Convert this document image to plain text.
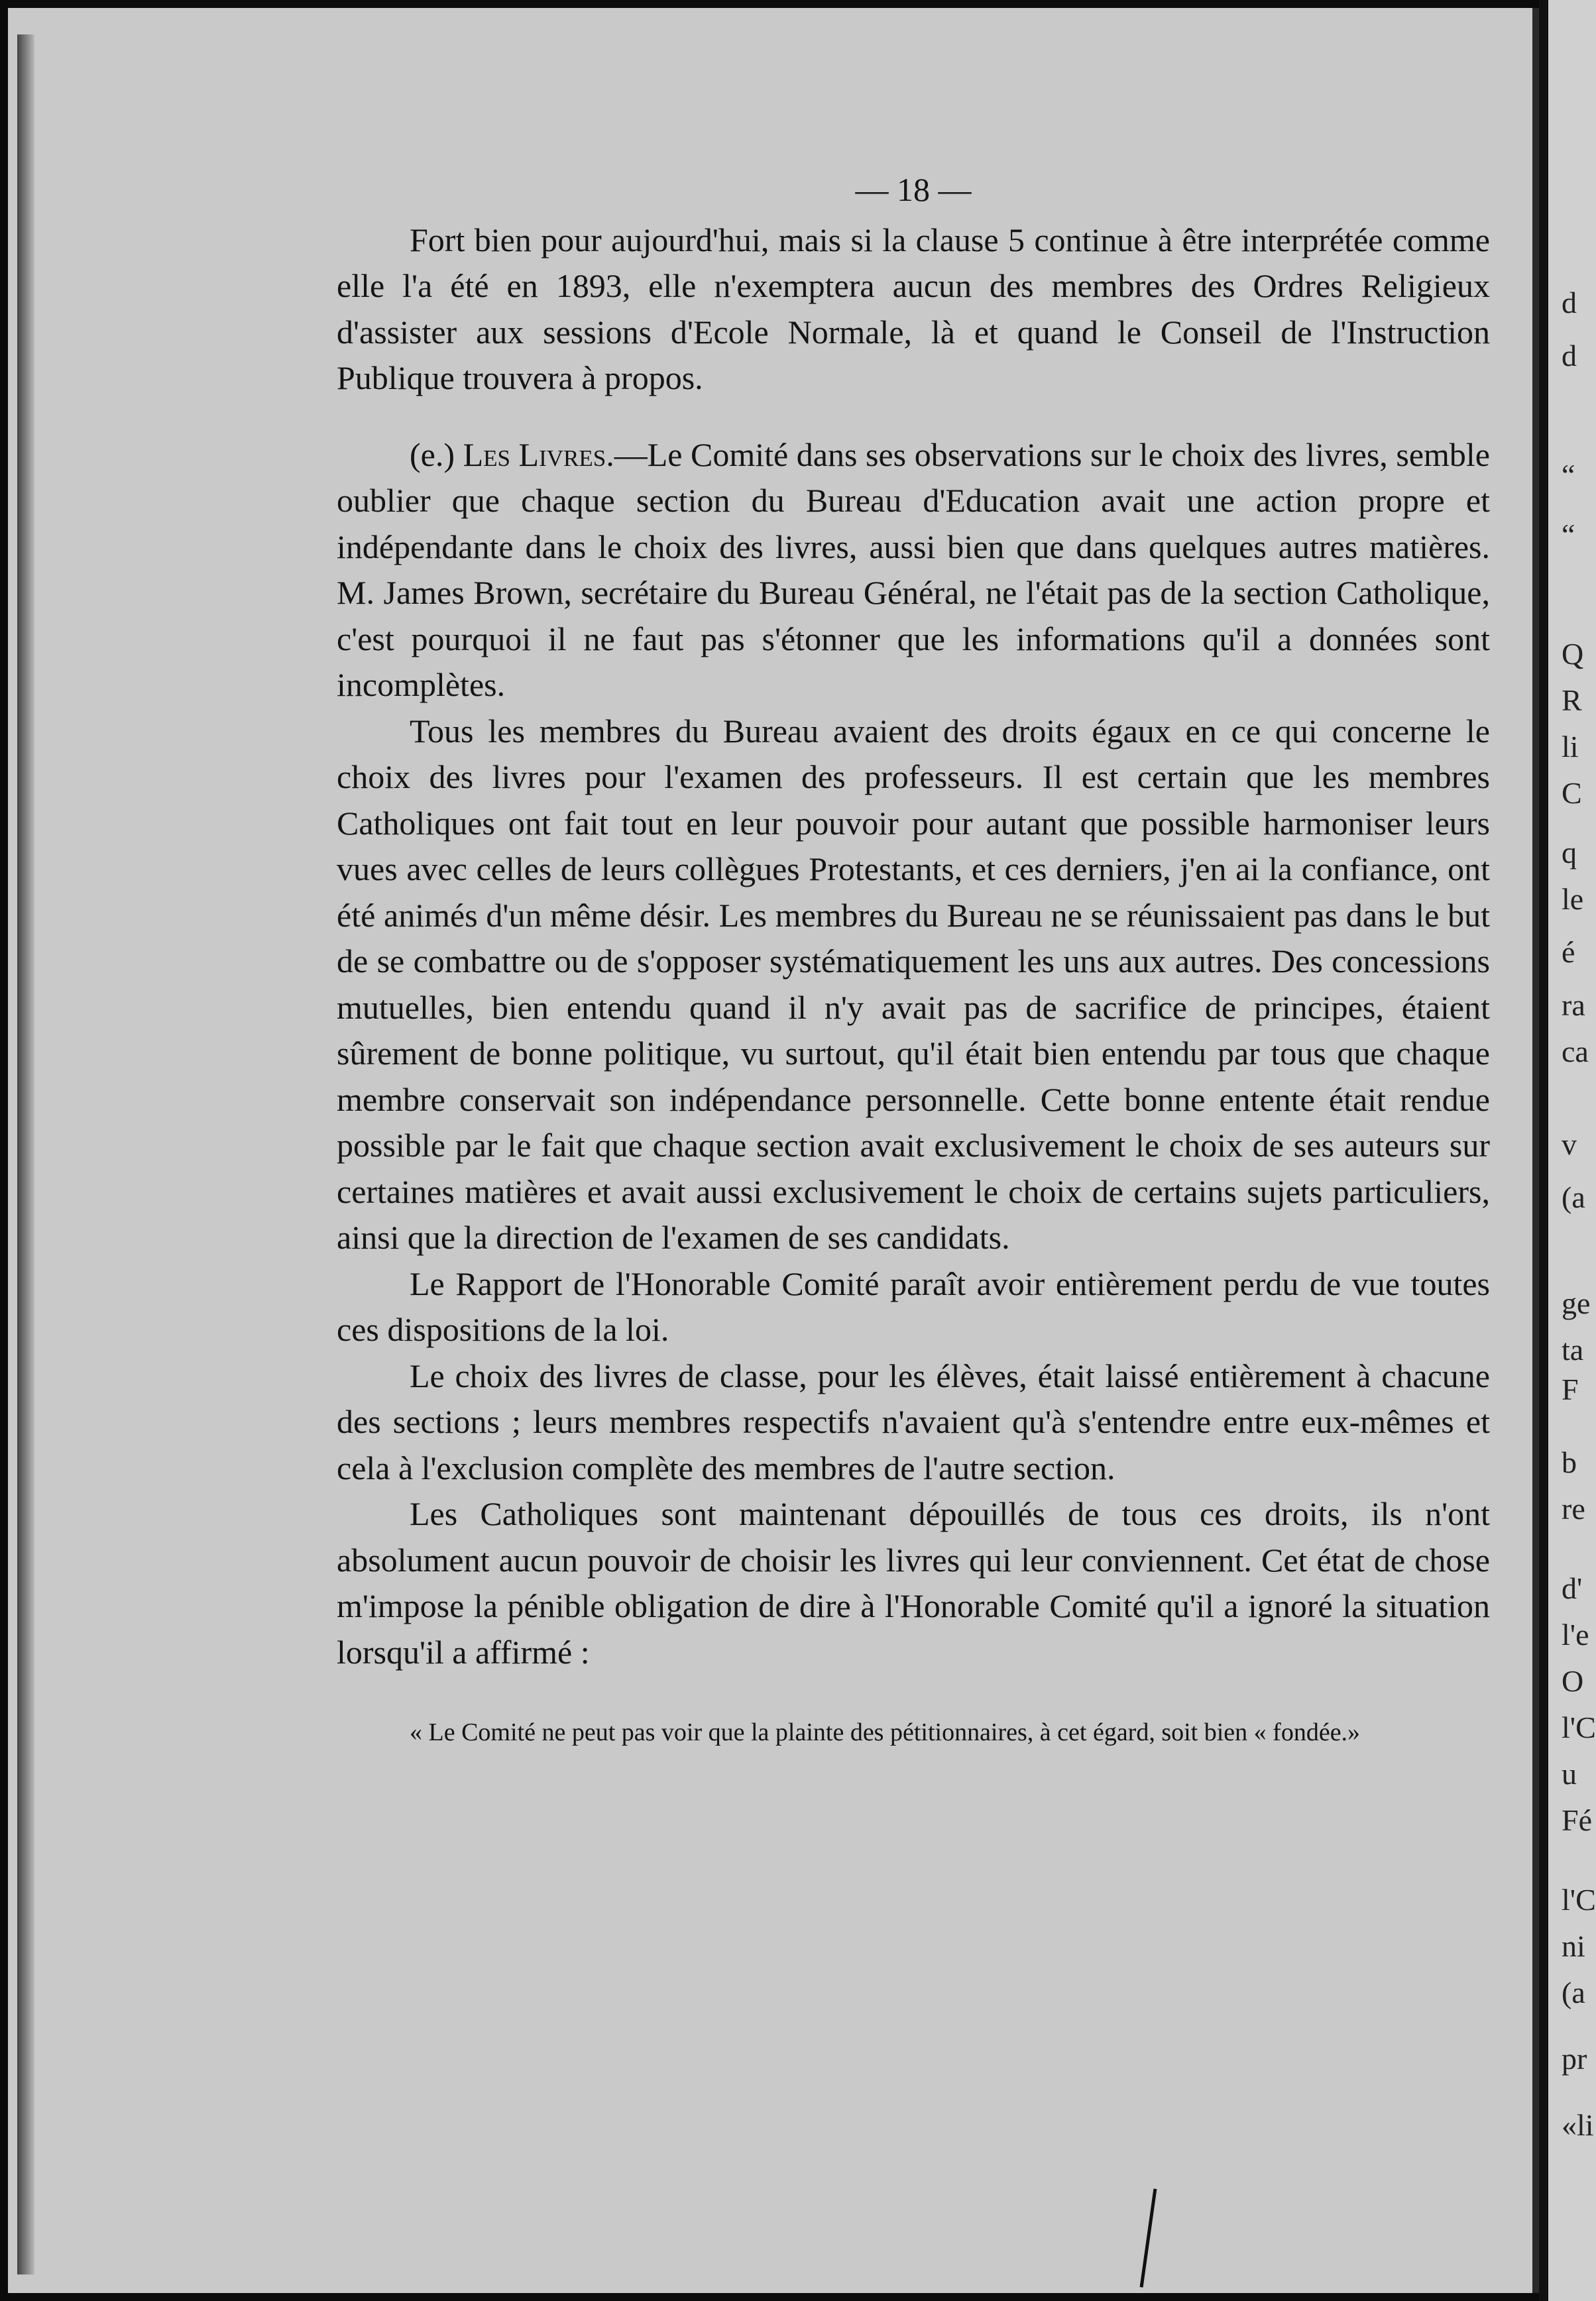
— 18 —

Fort bien pour aujourd'hui, mais si la clause 5 continue à être interprétée comme elle l'a été en 1893, elle n'exemptera aucun des membres des Ordres Religieux d'assister aux sessions d'Ecole Normale, là et quand le Conseil de l'Instruction Publique trouvera à propos.

(e.) Les Livres.—Le Comité dans ses observations sur le choix des livres, semble oublier que chaque section du Bureau d'Education avait une action propre et indépendante dans le choix des livres, aussi bien que dans quelques autres matières. M. James Brown, secrétaire du Bureau Général, ne l'était pas de la section Catholique, c'est pourquoi il ne faut pas s'étonner que les informations qu'il a données sont incomplètes.

Tous les membres du Bureau avaient des droits égaux en ce qui concerne le choix des livres pour l'examen des professeurs. Il est certain que les membres Catholiques ont fait tout en leur pouvoir pour autant que possible harmoniser leurs vues avec celles de leurs collègues Protestants, et ces derniers, j'en ai la confiance, ont été animés d'un même désir. Les membres du Bureau ne se réunissaient pas dans le but de se combattre ou de s'opposer systématiquement les uns aux autres. Des concessions mutuelles, bien entendu quand il n'y avait pas de sacrifice de principes, étaient sûrement de bonne politique, vu surtout, qu'il était bien entendu par tous que chaque membre conservait son indépendance personnelle. Cette bonne entente était rendue possible par le fait que chaque section avait exclusivement le choix de ses auteurs sur certaines matières et avait aussi exclusivement le choix de certains sujets particuliers, ainsi que la direction de l'examen de ses candidats.

Le Rapport de l'Honorable Comité paraît avoir entièrement perdu de vue toutes ces dispositions de la loi.

Le choix des livres de classe, pour les élèves, était laissé entièrement à chacune des sections ; leurs membres respectifs n'avaient qu'à s'entendre entre eux-mêmes et cela à l'exclusion complète des membres de l'autre section.

Les Catholiques sont maintenant dépouillés de tous ces droits, ils n'ont absolument aucun pouvoir de choisir les livres qui leur conviennent. Cet état de chose m'impose la pénible obligation de dire à l'Honorable Comité qu'il a ignoré la situation lorsqu'il a affirmé :

« Le Comité ne peut pas voir que la plainte des pétitionnaires, à cet égard, soit bien « fondée.»

d
d
“
“
Q
R
li
C
q
le
é
ra
ca
v
(a
ge
ta
F
b
re
d'
l'e
O
l'C
u
Fé
l'C
ni
(a
pr
«li
